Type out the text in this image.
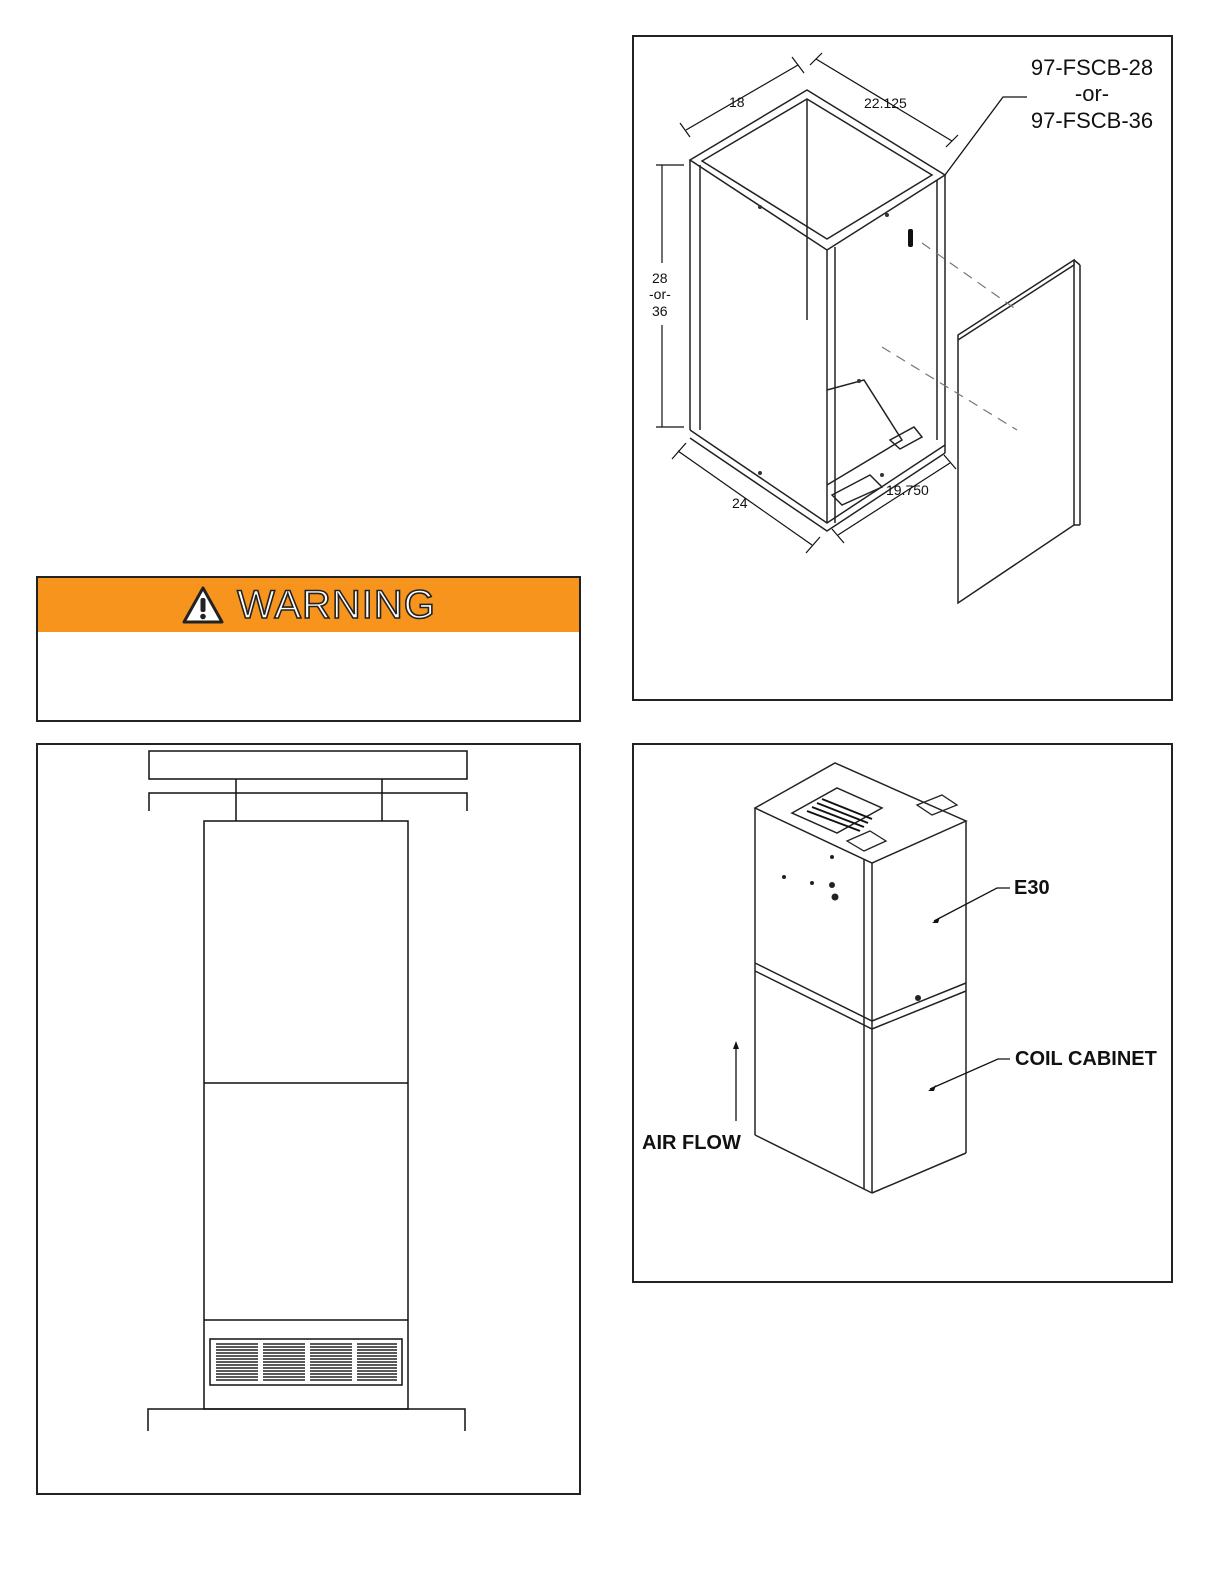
WARNING
97-FSCB-28
-or-
97-FSCB-36
18	22.125
28
-or-
36
24
19.750
E30
COIL CABINET
AIR FLOW
